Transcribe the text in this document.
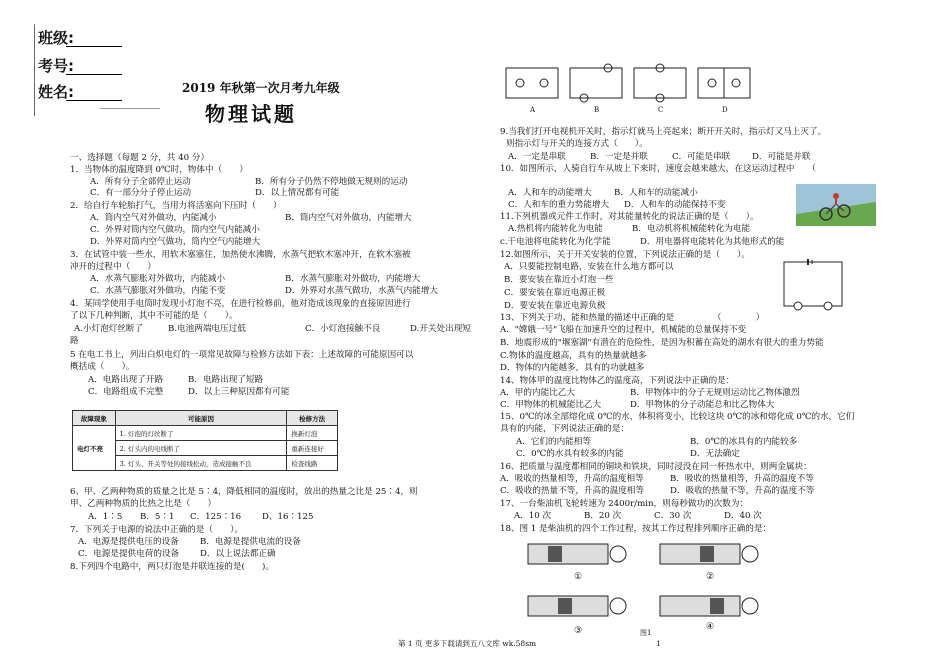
班级:
考号:
姓名:	2019 年秋第一次月考九年级
物理试题
一、选择题（每题 2 分，共 40 分）
1．当物体的温度降到 0℃时，物体中（　　）
A．所有分子全部停止运动	B．所有分子仍然不停地做无规则的运动
C．有一部分分子停止运动	D．以上情况都有可能
2．给自行车轮胎打气，当用力将活塞向下压时（　　）
A．筒内空气对外做功，内能减小	B．筒内空气对外做功，内能增大
C．外界对筒内空气做功，筒内空气内能减小
D．外界对筒内空气做功，筒内空气内能增大
3．在试管中装一些水，用软木塞塞住，加热使水沸腾，水蒸气把软木塞冲开，在软木塞被
冲开的过程中（　　）
A．水蒸气膨胀对外做功，内能减小	B．水蒸气膨胀对外做功，内能增大
C．水蒸气膨胀对外做功，内能不变	D．外界对水蒸气做功，水蒸气内能增大
4．某同学使用手电筒时发现小灯泡不亮，在进行检修前，他对造成该现象的直接原因进行
了以下几种判断，其中不可能的是（　　）。
A.小灯泡灯丝断了	B.电池两端电压过低	C．小灯泡接触不良	D.开关处出现短
路
5 在电工书上，列出白炽电灯的一项常见故障与检修方法如下表：上述故障的可能原因可以
概括成（　　）。
A．电路出现了开路	B．电路出现了短路
C．电路组成不完整	D．以上三种原因都有可能
故障现象	可能原因	检修方法
电灯不亮	1. 灯泡的灯丝断了	换新灯泡
	2. 灯头内的电线断了	重新连接好
	3. 灯头、开关等处的接线松动，造成接触不良	检查线路
6、甲、乙两种物质的质量之比是 5∶4，降低相同的温度时，放出的热量之比是 25∶4，则
甲、乙两种物质的比热之比是（　　）
A．1∶5 B．5∶1 C．125∶16 D、16∶125
7．下列关于电源的说法中正确的是（　　）。
A．电源是提供电压的设备 B．电源是提供电流的设备
C．电源是提供电荷的设备 D．以上说法都正确
8.下列四个电路中，两只灯泡是并联连接的是(　　)。
A	B	C	D
9.当我们打开电视机开关时，指示灯就马上亮起来；断开开关时，指示灯又马上灭了。
则指示灯与开关的连接方式（　　）。
A．一定是串联	B．一定是并联	C．可能是串联	D．可能是并联
10．如图所示，人骑自行车从坡上下来时，速度会越来越大，在这运动过程中　　（
A．人和车的动能增大	B．人和车的动能减小
C．人和车的重力势能增大 D．人和车的动能保持不变
11.下列机器或元件工作时，对其能量转化的说法正确的是（　　）。
A.热机将内能转化为电能	B．电动机将机械能转化为电能
c.干电池将电能转化为化学能	D．用电器将电能转化为其他形式的能
12.如图所示，关于开关安装的位置，下列说法正确的是（　　）。
A．只要能控制电路，安装在什么地方都可以
B．要安装在靠近小灯泡一些
C．要安装在靠近电源正极
D．要安装在靠近电源负极
13、下列关于功、能和热量的描述中正确的是　　　　　（　　　　）
A．"嫦娥一号"飞船在加速升空的过程中，机械能的总量保持不变
B．地震形成的"堰塞湖"有潜在的危险性，是因为积蓄在高处的湖水有很大的重力势能
C.物体的温度越高，具有的热量就越多
D．物体的内能越多，具有的功就越多
14、物体甲的温度比物体乙的温度高，下列说法中正确的是：
A．甲的内能比乙大	B．甲物体中的分子无规则运动比乙物体激烈
C．甲物体的机械能比乙大	D．甲物体的分子动能总和比乙物体大
15、0℃的冰全部熔化成 0℃的水，体积将变小，比较这块 0℃的冰和熔化成 0℃的水，它们
具有的内能，下列说法正确的是：
A．它们的内能相等	B．0℃的冰具有的内能较多
C．0℃的水具有较多的内能	D．无法确定
16、把质量与温度都相同的铜块和铁块，同时浸没在同一杯热水中，则两金属块：
A．吸收的热量相等，升高的温度相等	B．吸收的热量相等，升高的温度不等
C．吸收的热量不等，升高的温度相等	D．吸收的热量不等，升高的温度不等
17、一台柴油机飞轮转速为 2400r/min，则每秒做功的次数为：
A．10 次	B．20 次	C．30 次	D．40 次
18、图 1 是柴油机的四个工作过程，按其工作过程排列顺序正确的是：
①	②
③	④
图1
第 1 页 更多下载请到五八文库 wk.58sm	1
